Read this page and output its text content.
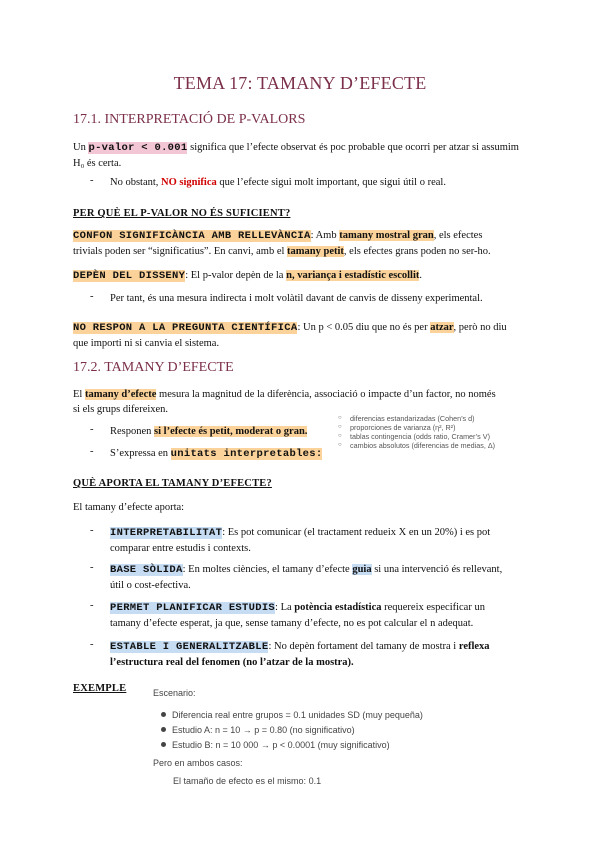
TEMA 17: TAMANY D’EFECTE
17.1. INTERPRETACIÓ DE P-VALORS
Un p-valor < 0.001 significa que l’efecte observat és poc probable que ocorri per atzar si assumim
H₀ és certa.
- No obstant, NO significa que l’efecte sigui molt important, que sigui útil o real.
PER QUÈ EL P-VALOR NO ÉS SUFICIENT?
CONFON SIGNIFICÀNCIA AMB RELLEVÀNCIA: Amb tamany mostral gran, els efectes
trivials poden ser “significatius”. En canvi, amb el tamany petit, els efectes grans poden no ser-ho.
DEPÈN DEL DISSENY: El p-valor depèn de la n, variança i estadístic escollit.
- Per tant, és una mesura indirecta i molt volàtil davant de canvis de disseny experimental.
NO RESPON A LA PREGUNTA CIENTÍFICA: Un p < 0.05 diu que no és per atzar, però no diu
que importi ni si canvia el sistema.
17.2. TAMANY D’EFECTE
El tamany d’efecte mesura la magnitud de la diferència, associació o impacte d’un factor, no només
si els grups difereixen.
- Responen si l’efecte és petit, moderat o gran.
- S’expressa en unitats interpretables:
○ diferencias estandarizadas (Cohen’s d)
○ proporciones de varianza (η², R²)
○ tablas contingencia (odds ratio, Cramer’s V)
○ cambios absolutos (diferencias de medias, Δ)
QUÈ APORTA EL TAMANY D’EFECTE?
El tamany d’efecte aporta:
- INTERPRETABILITAT: Es pot comunicar (el tractament redueix X en un 20%) i es pot
comparar entre estudis i contexts.
- BASE SÒLIDA: En moltes ciències, el tamany d’efecte guia si una intervenció és rellevant,
útil o cost-efectiva.
- PERMET PLANIFICAR ESTUDIS: La potència estadística requereix especificar un
tamany d’efecte esperat, ja que, sense tamany d’efecte, no es pot calcular el n adequat.
- ESTABLE I GENERALITZABLE: No depèn fortament del tamany de mostra i reflexa
l’estructura real del fenomen (no l’atzar de la mostra).
EXEMPLE	Escenario:
Diferencia real entre grupos = 0.1 unidades SD (muy pequeña)
Estudio A: n = 10 → p = 0.80 (no significativo)
Estudio B: n = 10 000 → p < 0.0001 (muy significativo)
Pero en ambos casos:
El tamaño de efecto es el mismo: 0.1
